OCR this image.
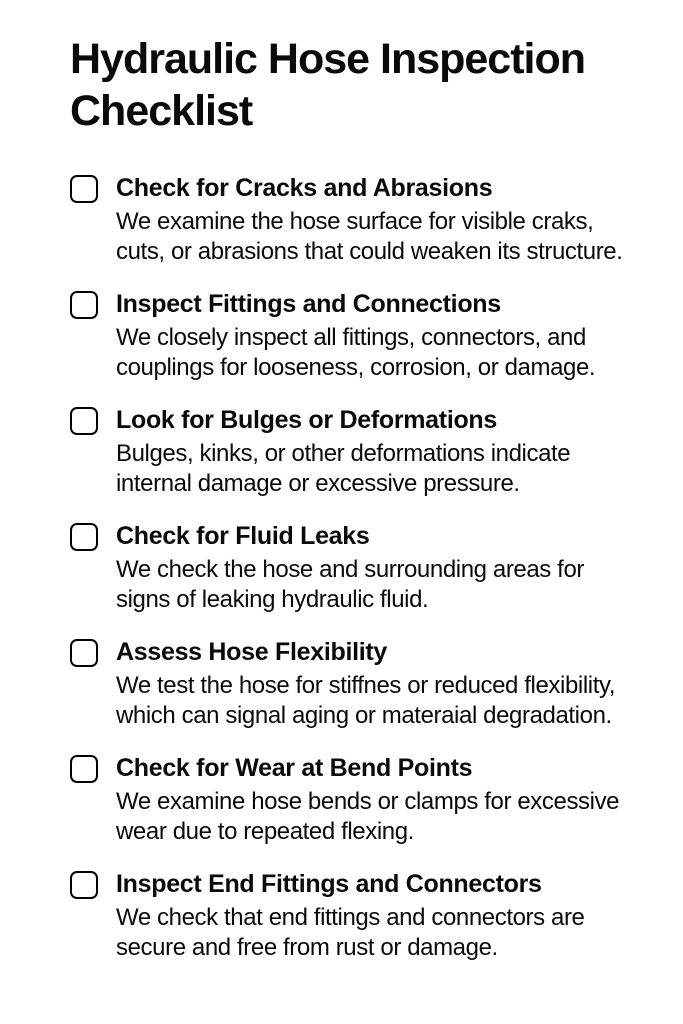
Hydraulic Hose Inspection Checklist
Check for Cracks and Abrasions
We examine the hose surface for visible craks, cuts, or abrasions that could weaken its structure.
Inspect Fittings and Connections
We closely inspect all fittings, connectors, and couplings for looseness, corrosion, or damage.
Look for Bulges or Deformations
Bulges, kinks, or other deformations indicate internal damage or excessive pressure.
Check for Fluid Leaks
We check the hose and surrounding areas for signs of leaking hydraulic fluid.
Assess Hose Flexibility
We test the hose for stiffnes or reduced flexibility, which can signal aging or materaial degradation.
Check for Wear at Bend Points
We examine hose bends or clamps for excessive wear due to repeated flexing.
Inspect End Fittings and Connectors
We check that end fittings and connectors are secure and free from rust or damage.
